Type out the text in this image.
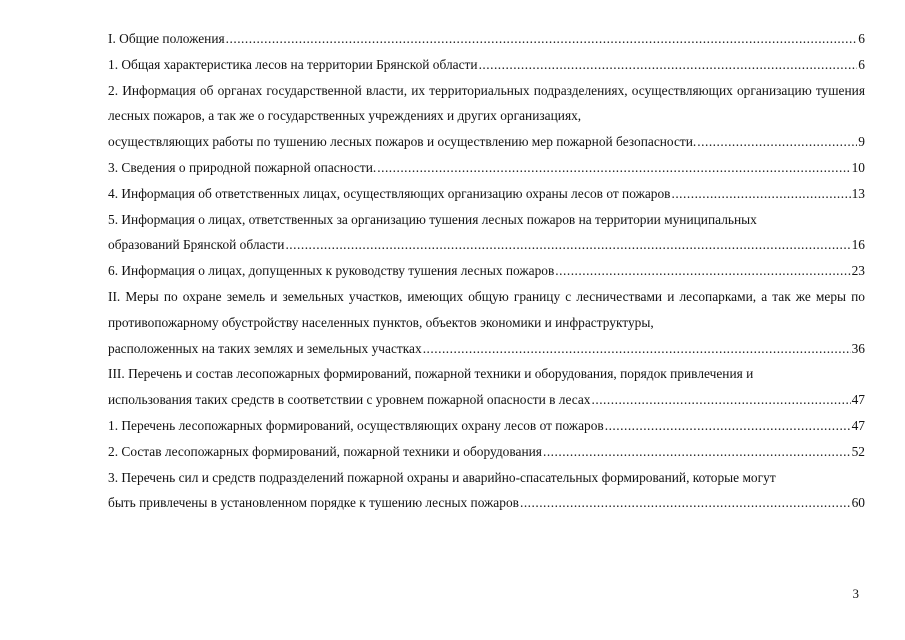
I. Общие положения .....	6
1. Общая характеристика лесов на территории Брянской области .....	6
2. Информация об органах государственной власти, их территориальных подразделениях, осуществляющих организацию тушения лесных пожаров, а так же о государственных учреждениях и других организациях,
осуществляющих работы по тушению лесных пожаров и осуществлению мер пожарной безопасности. .....	9
3. Сведения о природной пожарной опасности. .....	10
4. Информация об ответственных лицах, осуществляющих организацию охраны лесов от пожаров .....	13
5. Информация о лицах, ответственных за организацию тушения лесных пожаров на территории муниципальных
образований Брянской области .....	16
6. Информация о лицах, допущенных к руководству тушения лесных пожаров .....	23
II. Меры по охране земель и земельных участков, имеющих общую границу с лесничествами и лесопарками, а так же меры по противопожарному обустройству населенных пунктов, объектов экономики и инфраструктуры,
расположенных на таких землях и земельных участках .....	36
III. Перечень и состав лесопожарных формирований, пожарной техники и оборудования, порядок привлечения и
использования таких средств в соответствии с уровнем пожарной опасности в лесах .....	47
1. Перечень лесопожарных формирований, осуществляющих охрану лесов от пожаров .....	47
2. Состав лесопожарных формирований, пожарной техники и оборудования .....	52
3. Перечень сил и средств подразделений пожарной охраны и аварийно-спасательных формирований, которые могут
быть привлечены в установленном порядке к тушению лесных пожаров .....	60
3
